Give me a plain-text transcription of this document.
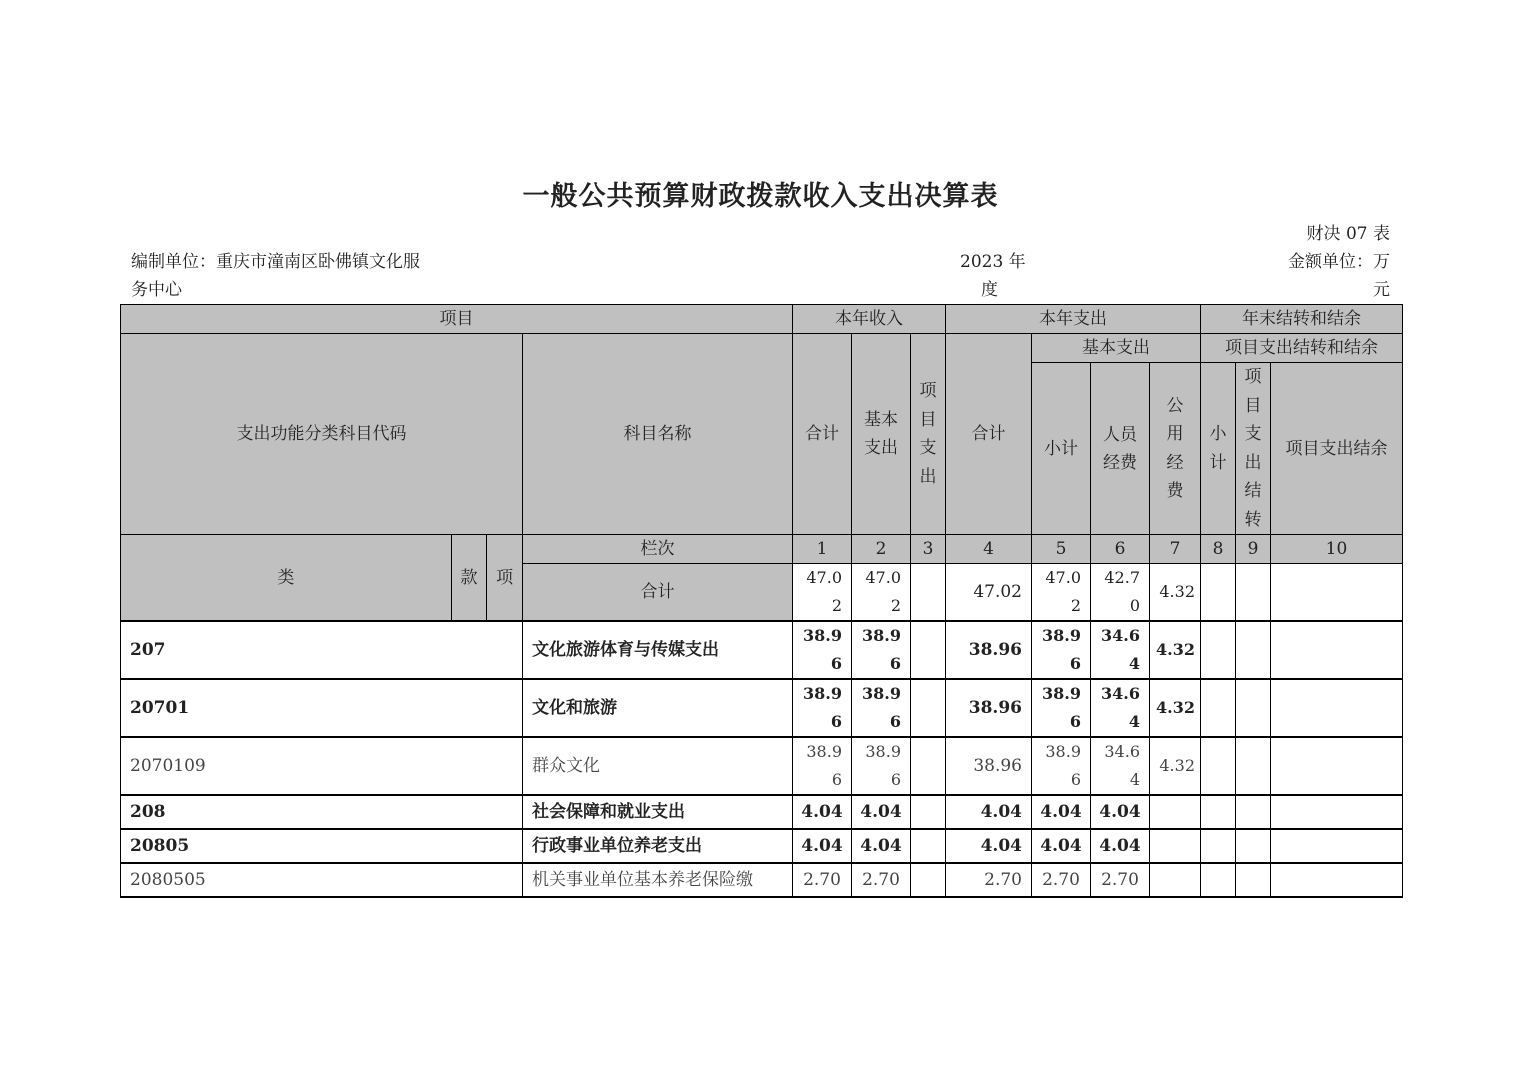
一般公共预算财政拨款收入支出决算表
财决 07 表
编制单位：重庆市潼南区卧佛镇文化服
务中心
2023 年
度
金额单位：万
元
项目		本年收入			本年支出				年末结转和结余		
支出功能分类科目代码	科目名称	合计	基本支出	项目支出	合计	基本支出			项目支出结转和结余		
						小计	人员经费	公用经费	小计	项目支出结转	项目支出结余

类 款 项	栏次	1	2	3	4	5	6	7	8	9	10
	合计	47.02	47.02		47.02	47.02	42.70	4.32			

207	文化旅游体育与传媒支出	38.96	38.96		38.96	38.96	34.64	4.32			
20701	文化和旅游	38.96	38.96		38.96	38.96	34.64	4.32			
2070109	群众文化	38.96	38.96		38.96	38.96	34.64	4.32			
208	社会保障和就业支出	4.04	4.04		4.04	4.04	4.04				
20805	行政事业单位养老支出	4.04	4.04		4.04	4.04	4.04				
2080505	机关事业单位基本养老保险缴	2.70	2.70		2.70	2.70	2.70				
